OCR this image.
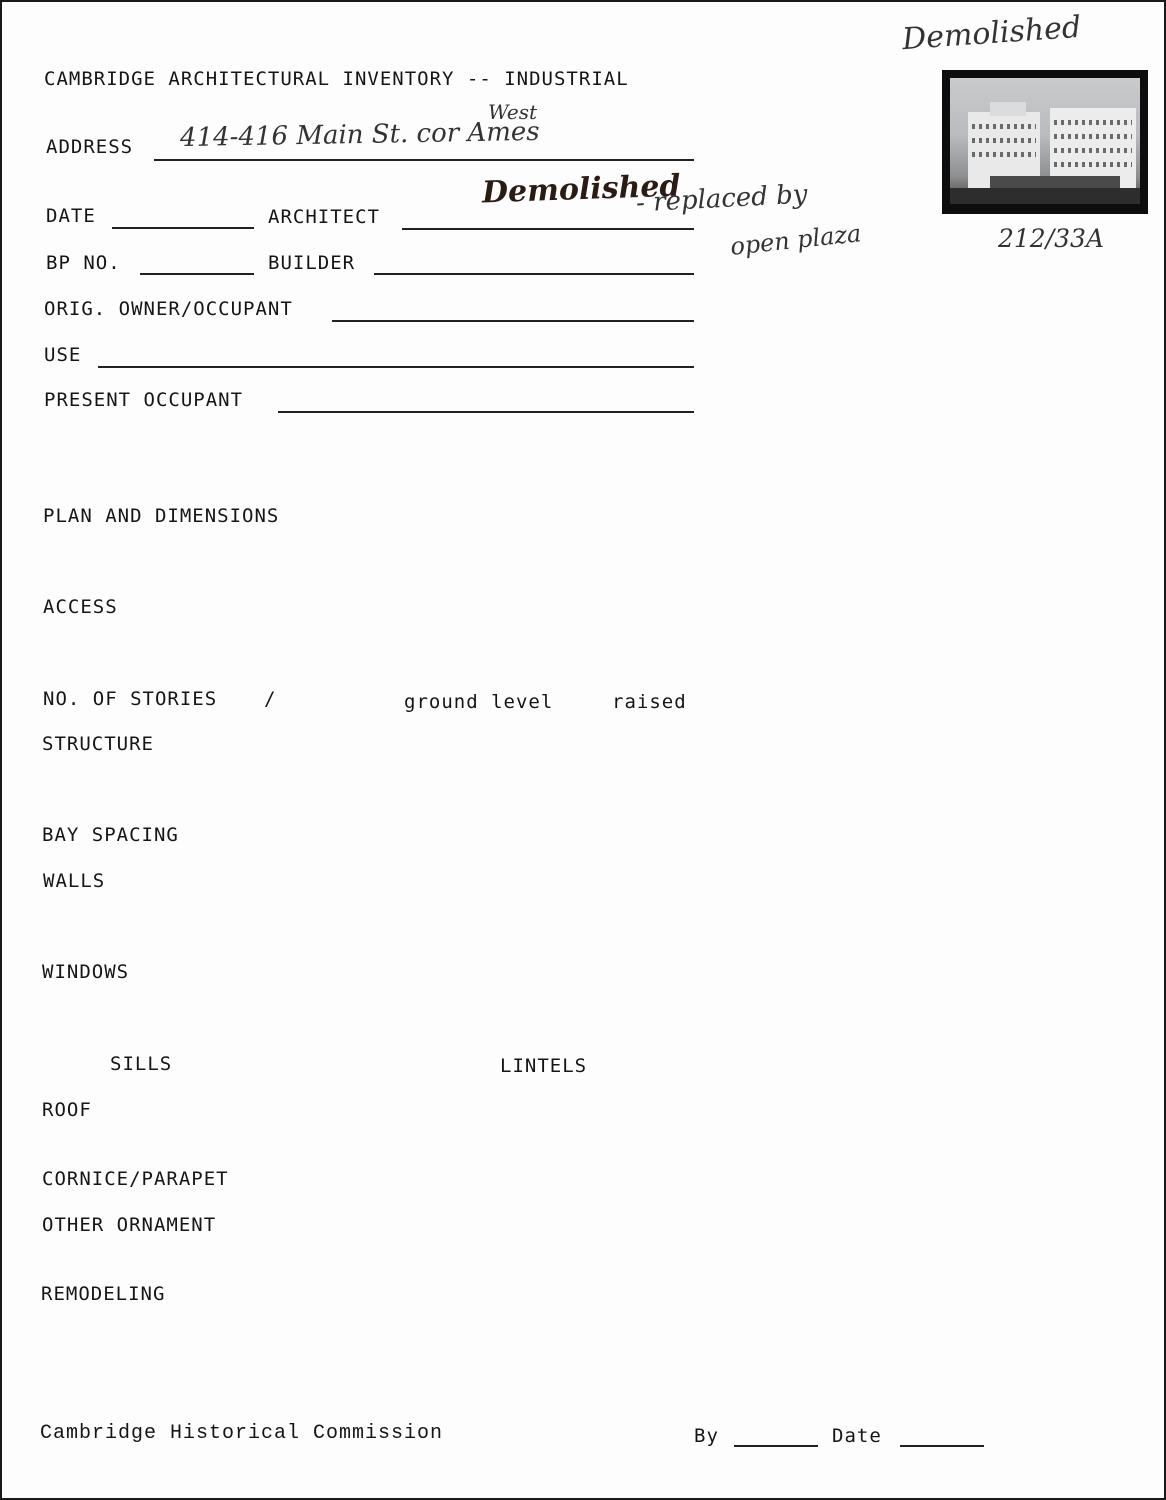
Demolished
212/33A
CAMBRIDGE ARCHITECTURAL INVENTORY -- INDUSTRIAL
ADDRESS 414-416 Main St. cor Ames
West
DATE	ARCHITECT
Demolished
- replaced by
open plaza
BP NO.	BUILDER
ORIG. OWNER/OCCUPANT
USE
PRESENT OCCUPANT
PLAN AND DIMENSIONS
ACCESS
NO. OF STORIES /	ground level	raised
STRUCTURE
BAY SPACING
WALLS
WINDOWS
SILLS	LINTELS
ROOF
CORNICE/PARAPET
OTHER ORNAMENT
REMODELING
Cambridge Historical Commission	By	Date
